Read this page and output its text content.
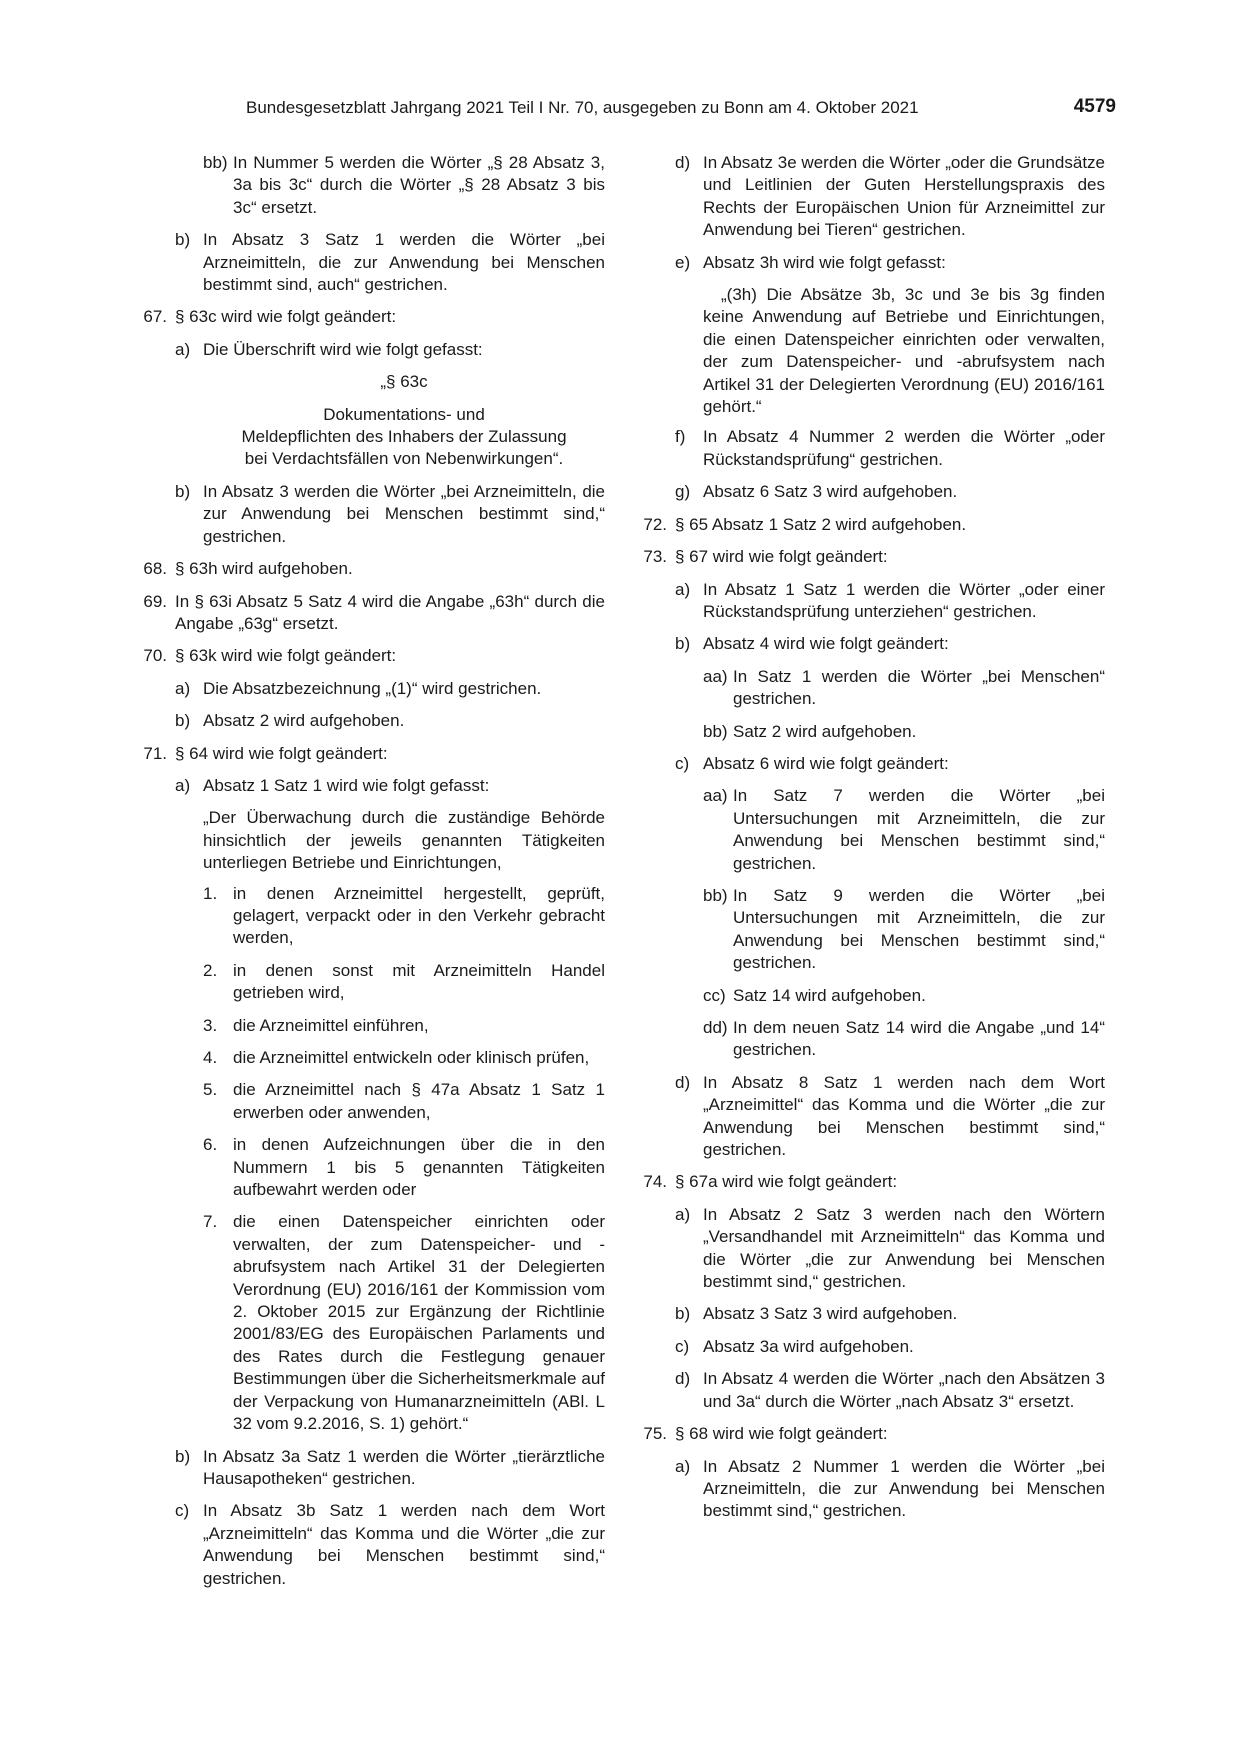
Bundesgesetzblatt Jahrgang 2021 Teil I Nr. 70, ausgegeben zu Bonn am 4. Oktober 2021	4579
bb) In Nummer 5 werden die Wörter „§ 28 Absatz 3, 3a bis 3c“ durch die Wörter „§ 28 Absatz 3 bis 3c“ ersetzt.
b) In Absatz 3 Satz 1 werden die Wörter „bei Arzneimitteln, die zur Anwendung bei Menschen bestimmt sind, auch“ gestrichen.
67. § 63c wird wie folgt geändert:
a) Die Überschrift wird wie folgt gefasst:
„§ 63c
Dokumentations- und
Meldepflichten des Inhabers der Zulassung
bei Verdachtsfällen von Nebenwirkungen“.
b) In Absatz 3 werden die Wörter „bei Arzneimitteln, die zur Anwendung bei Menschen bestimmt sind,“ gestrichen.
68. § 63h wird aufgehoben.
69. In § 63i Absatz 5 Satz 4 wird die Angabe „63h“ durch die Angabe „63g“ ersetzt.
70. § 63k wird wie folgt geändert:
a) Die Absatzbezeichnung „(1)“ wird gestrichen.
b) Absatz 2 wird aufgehoben.
71. § 64 wird wie folgt geändert:
a) Absatz 1 Satz 1 wird wie folgt gefasst:
„Der Überwachung durch die zuständige Behörde hinsichtlich der jeweils genannten Tätigkeiten unterliegen Betriebe und Einrichtungen,
1. in denen Arzneimittel hergestellt, geprüft, gelagert, verpackt oder in den Verkehr gebracht werden,
2. in denen sonst mit Arzneimitteln Handel getrieben wird,
3. die Arzneimittel einführen,
4. die Arzneimittel entwickeln oder klinisch prüfen,
5. die Arzneimittel nach § 47a Absatz 1 Satz 1 erwerben oder anwenden,
6. in denen Aufzeichnungen über die in den Nummern 1 bis 5 genannten Tätigkeiten aufbewahrt werden oder
7. die einen Datenspeicher einrichten oder verwalten, der zum Datenspeicher- und -abrufsystem nach Artikel 31 der Delegierten Verordnung (EU) 2016/161 der Kommission vom 2. Oktober 2015 zur Ergänzung der Richtlinie 2001/83/EG des Europäischen Parlaments und des Rates durch die Festlegung genauer Bestimmungen über die Sicherheitsmerkmale auf der Verpackung von Humanarzneimitteln (ABl. L 32 vom 9.2.2016, S. 1) gehört.“
b) In Absatz 3a Satz 1 werden die Wörter „tierärztliche Hausapotheken“ gestrichen.
c) In Absatz 3b Satz 1 werden nach dem Wort „Arzneimitteln“ das Komma und die Wörter „die zur Anwendung bei Menschen bestimmt sind,“ gestrichen.
d) In Absatz 3e werden die Wörter „oder die Grundsätze und Leitlinien der Guten Herstellungspraxis des Rechts der Europäischen Union für Arzneimittel zur Anwendung bei Tieren“ gestrichen.
e) Absatz 3h wird wie folgt gefasst:
„(3h) Die Absätze 3b, 3c und 3e bis 3g finden keine Anwendung auf Betriebe und Einrichtungen, die einen Datenspeicher einrichten oder verwalten, der zum Datenspeicher- und -abrufsystem nach Artikel 31 der Delegierten Verordnung (EU) 2016/161 gehört.“
f) In Absatz 4 Nummer 2 werden die Wörter „oder Rückstandsprüfung“ gestrichen.
g) Absatz 6 Satz 3 wird aufgehoben.
72. § 65 Absatz 1 Satz 2 wird aufgehoben.
73. § 67 wird wie folgt geändert:
a) In Absatz 1 Satz 1 werden die Wörter „oder einer Rückstandsprüfung unterziehen“ gestrichen.
b) Absatz 4 wird wie folgt geändert:
aa) In Satz 1 werden die Wörter „bei Menschen“ gestrichen.
bb) Satz 2 wird aufgehoben.
c) Absatz 6 wird wie folgt geändert:
aa) In Satz 7 werden die Wörter „bei Untersuchungen mit Arzneimitteln, die zur Anwendung bei Menschen bestimmt sind,“ gestrichen.
bb) In Satz 9 werden die Wörter „bei Untersuchungen mit Arzneimitteln, die zur Anwendung bei Menschen bestimmt sind,“ gestrichen.
cc) Satz 14 wird aufgehoben.
dd) In dem neuen Satz 14 wird die Angabe „und 14“ gestrichen.
d) In Absatz 8 Satz 1 werden nach dem Wort „Arzneimittel“ das Komma und die Wörter „die zur Anwendung bei Menschen bestimmt sind,“ gestrichen.
74. § 67a wird wie folgt geändert:
a) In Absatz 2 Satz 3 werden nach den Wörtern „Versandhandel mit Arzneimitteln“ das Komma und die Wörter „die zur Anwendung bei Menschen bestimmt sind,“ gestrichen.
b) Absatz 3 Satz 3 wird aufgehoben.
c) Absatz 3a wird aufgehoben.
d) In Absatz 4 werden die Wörter „nach den Absätzen 3 und 3a“ durch die Wörter „nach Absatz 3“ ersetzt.
75. § 68 wird wie folgt geändert:
a) In Absatz 2 Nummer 1 werden die Wörter „bei Arzneimitteln, die zur Anwendung bei Menschen bestimmt sind,“ gestrichen.
